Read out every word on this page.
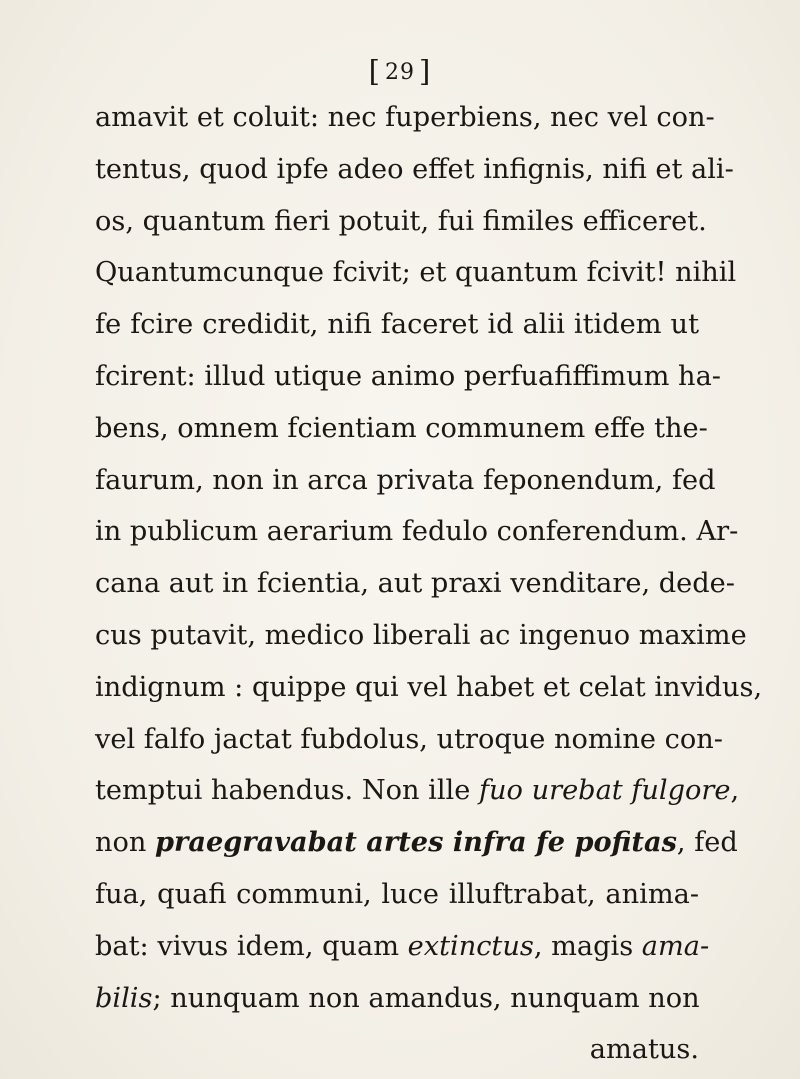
[ 29 ]
amavit et coluit: nec fuperbiens, nec vel con-
tentus, quod ipfe adeo effet infignis, nifi et ali-
os, quantum fieri potuit, fui fimiles efficeret.
Quantumcunque fcivit; et quantum fcivit! nihil
fe fcire credidit, nifi faceret id alii itidem ut
fcirent: illud utique animo perfuafiffimum ha-
bens, omnem fcientiam communem effe the-
faurum, non in arca privata feponendum, fed
in publicum aerarium fedulo conferendum. Ar-
cana aut in fcientia, aut praxi venditare, dede-
cus putavit, medico liberali ac ingenuo maxime
indignum : quippe qui vel habet et celat invidus,
vel falfo jactat fubdolus, utroque nomine con-
temptui habendus. Non ille fuo urebat fulgore,
non praegravabat artes infra fe pofitas, fed
fua, quafi communi, luce illuftrabat, anima-
bat: vivus idem, quam extinctus, magis ama-
bilis; nunquam non amandus, nunquam non
amatus.
